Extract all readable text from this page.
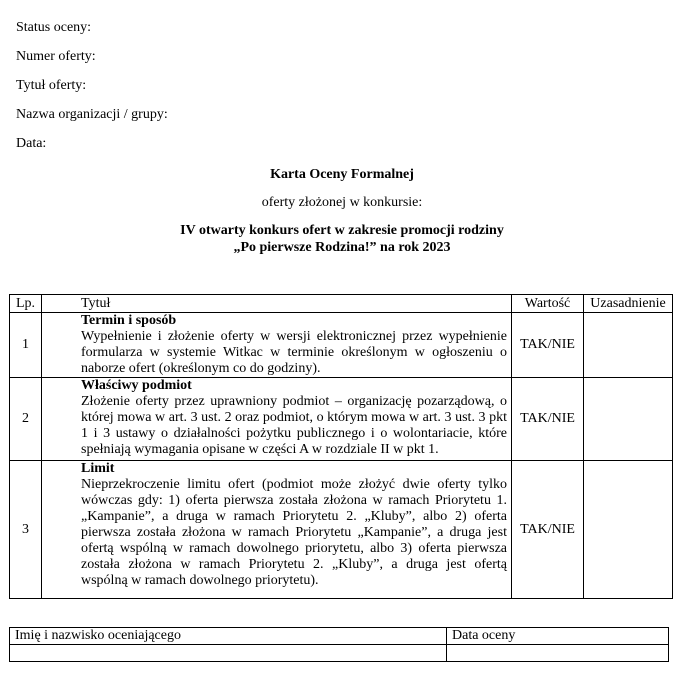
Status oceny:
Numer oferty:
Tytuł oferty:
Nazwa organizacji / grupy:
Data:
Karta Oceny Formalnej
oferty złożonej w konkursie:
IV otwarty konkurs ofert w zakresie promocji rodziny
„Po pierwsze Rodzina!” na rok 2023
Lp.	Tytuł	Wartość	Uzasadnienie
1	Termin i sposób
Wypełnienie i złożenie oferty w wersji elektronicznej przez wypełnienie formularza w systemie Witkac w terminie określonym w ogłoszeniu o naborze ofert (określonym co do godziny).	TAK/NIE	
2	Właściwy podmiot
Złożenie oferty przez uprawniony podmiot – organizację pozarządową, o której mowa w art. 3 ust. 2 oraz podmiot, o którym mowa w art. 3 ust. 3 pkt 1 i 3 ustawy o działalności pożytku publicznego i o wolontariacie, które spełniają wymagania opisane w części A w rozdziale II w pkt 1.	TAK/NIE	
3	Limit
Nieprzekroczenie limitu ofert (podmiot może złożyć dwie oferty tylko wówczas gdy: 1) oferta pierwsza została złożona w ramach Priorytetu 1. „Kampanie”, a druga w ramach Priorytetu 2. „Kluby”, albo 2) oferta pierwsza została złożona w ramach Priorytetu „Kampanie”, a druga jest ofertą wspólną w ramach dowolnego priorytetu, albo 3) oferta pierwsza została złożona w ramach Priorytetu 2. „Kluby”, a druga jest ofertą wspólną w ramach dowolnego priorytetu).	TAK/NIE	
Imię i nazwisko oceniającego	Data oceny
